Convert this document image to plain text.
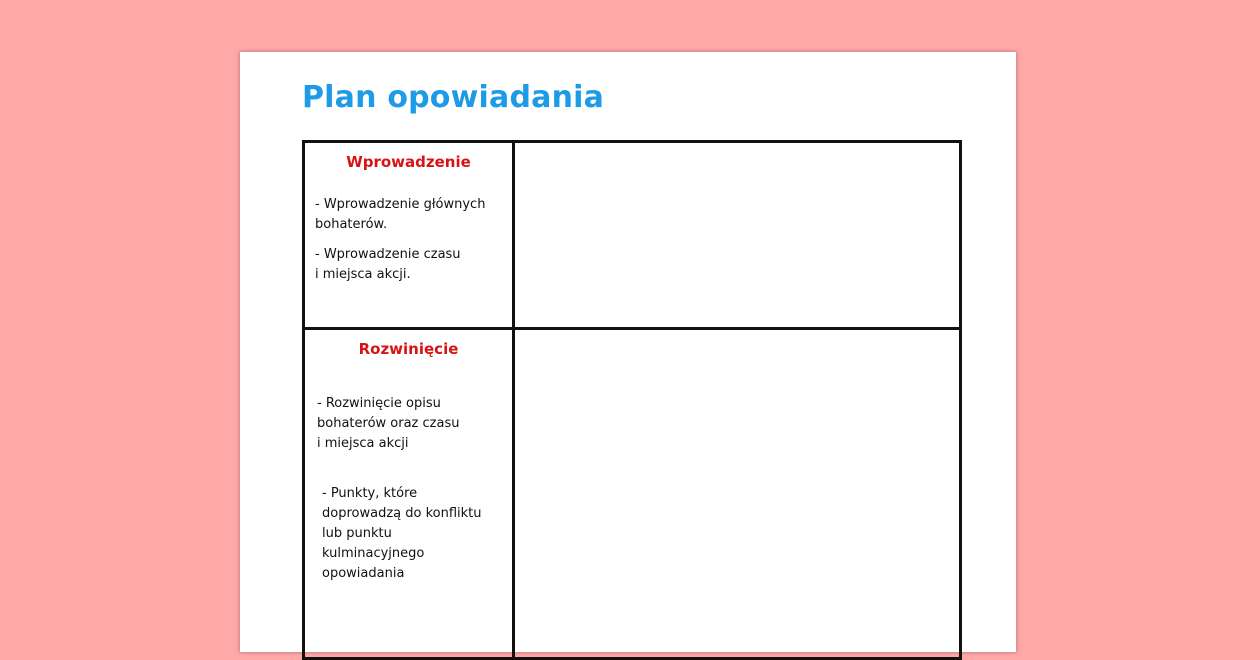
Plan opowiadania

Wprowadzenie

- Wprowadzenie głównych
bohaterów.

- Wprowadzenie czasu
i miejsca akcji.

Rozwinięcie

- Rozwinięcie opisu
bohaterów oraz czasu
i miejsca akcji

- Punkty, które
doprowadzą do konfliktu
lub punktu
kulminacyjnego
opowiadania
